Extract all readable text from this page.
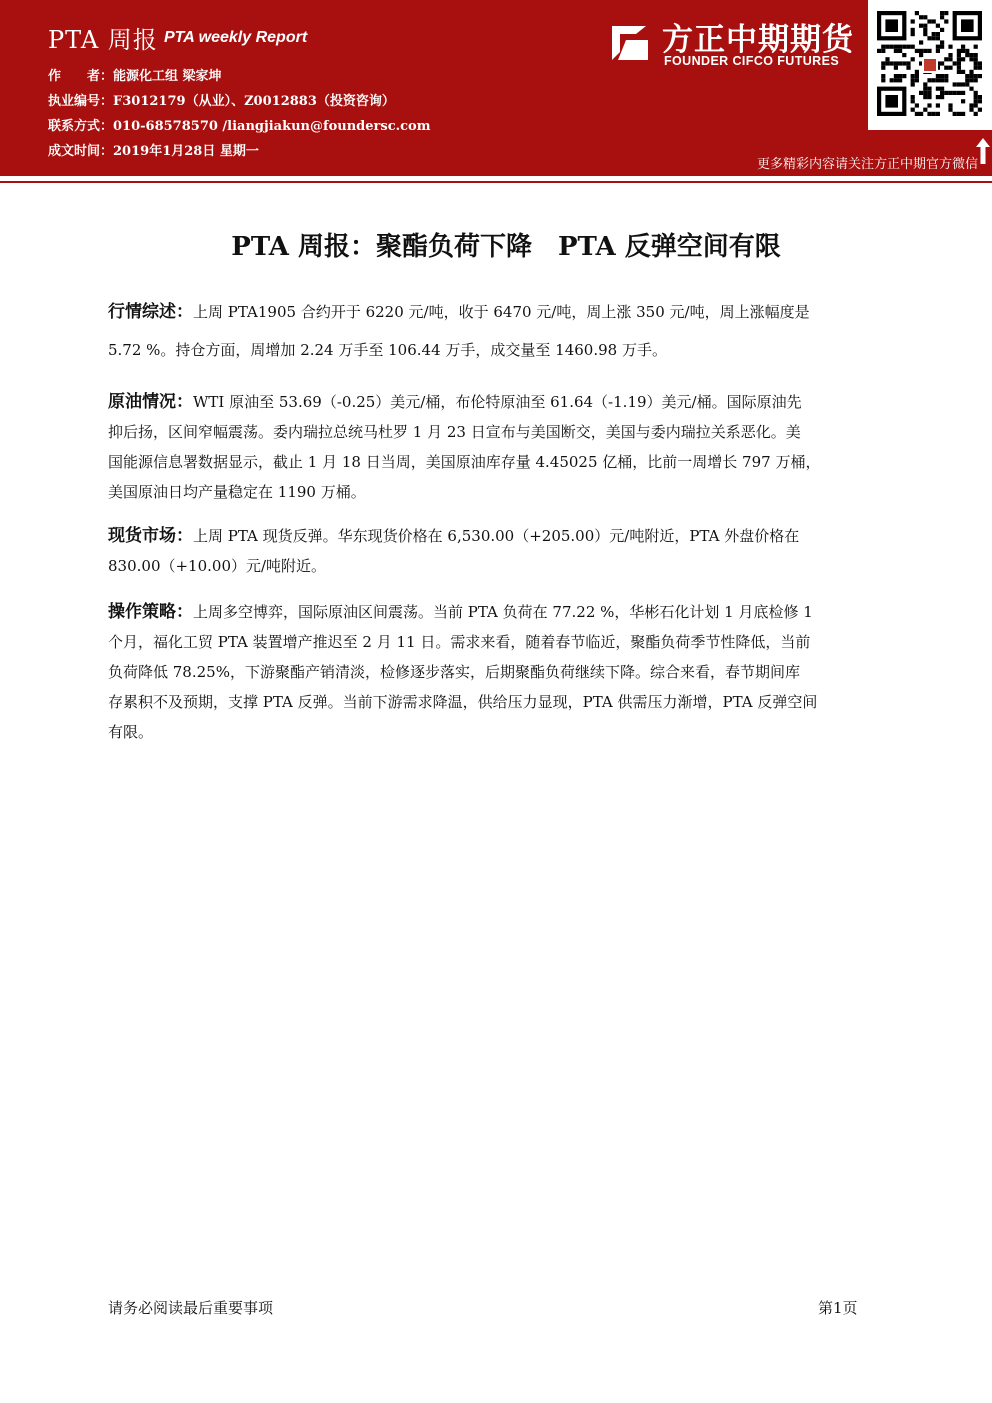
PTA 周报 PTA weekly Report
作　　者：能源化工组 梁家坤
执业编号：F3012179（从业）、Z0012883（投资咨询）
联系方式：010-68578570 /liangjiakun@foundersc.com
成文时间：2019年1月28日 星期一
方正中期期货
FOUNDER CIFCO FUTURES
更多精彩内容请关注方正中期官方微信
PTA 周报：聚酯负荷下降　PTA 反弹空间有限
行情综述：上周 PTA1905 合约开于 6220 元/吨，收于 6470 元/吨，周上涨 350 元/吨，周上涨幅度是
5.72 %。持仓方面，周增加 2.24 万手至 106.44 万手，成交量至 1460.98 万手。
原油情况：WTI 原油至 53.69（-0.25）美元/桶，布伦特原油至 61.64（-1.19）美元/桶。国际原油先
抑后扬，区间窄幅震荡。委内瑞拉总统马杜罗 1 月 23 日宣布与美国断交，美国与委内瑞拉关系恶化。美
国能源信息署数据显示，截止 1 月 18 日当周，美国原油库存量 4.45025 亿桶，比前一周增长 797 万桶，
美国原油日均产量稳定在 1190 万桶。
现货市场：上周 PTA 现货反弹。华东现货价格在 6,530.00（+205.00）元/吨附近，PTA 外盘价格在
830.00（+10.00）元/吨附近。
操作策略：上周多空博弈，国际原油区间震荡。当前 PTA 负荷在 77.22 %，华彬石化计划 1 月底检修 1
个月，福化工贸 PTA 装置增产推迟至 2 月 11 日。需求来看，随着春节临近，聚酯负荷季节性降低，当前
负荷降低 78.25%，下游聚酯产销清淡，检修逐步落实，后期聚酯负荷继续下降。综合来看，春节期间库
存累积不及预期，支撑 PTA 反弹。当前下游需求降温，供给压力显现，PTA 供需压力渐增，PTA 反弹空间
有限。
请务必阅读最后重要事项	第1页
